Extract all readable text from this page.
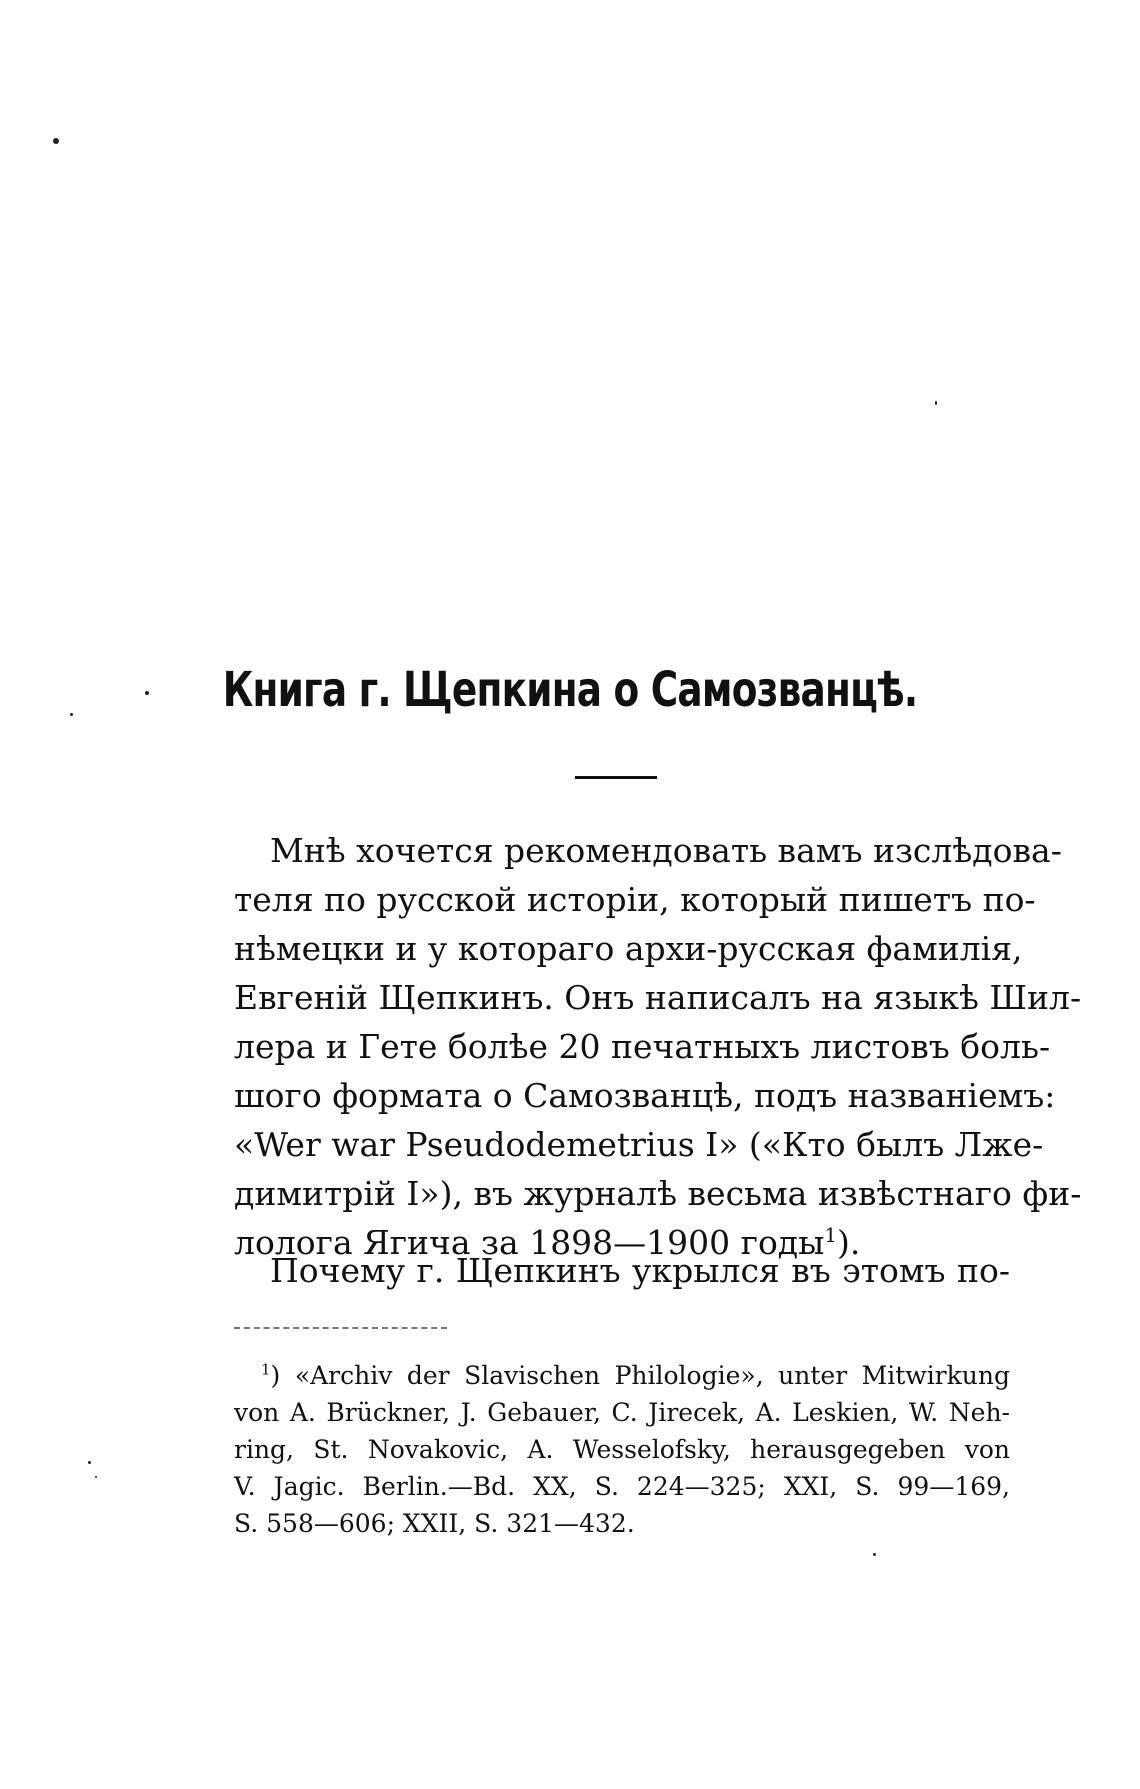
Книга г. Щепкина о Самозванцѣ.
Мнѣ хочется рекомендовать вамъ изслѣдова-
теля по русской исторіи, который пишетъ по-
нѣмецки и у котораго архи-русская фамилія,
Евгеній Щепкинъ. Онъ написалъ на языкѣ Шил-
лера и Гете болѣе 20 печатныхъ листовъ боль-
шого формата о Самозванцѣ, подъ названіемъ:
«Wer war Pseudodemetrius I» («Кто былъ Лже-
димитрій I»), въ журналѣ весьма извѣстнаго фи-
лолога Ягича за 1898—1900 годы$^1$).
Почему г. Щепкинъ укрылся въ этомъ по-
$^1$) «Archiv der Slavischen Philologie», unter Mitwirkung
von A. Brückner, J. Gebauer, C. Jirecek, A. Leskien, W. Neh-
ring, St. Novakovic, A. Wesselofsky, herausgegeben von
V. Jagic. Berlin.—Bd. XX, S. 224—325; XXI, S. 99—169,
S. 558—606; XXII, S. 321—432.
